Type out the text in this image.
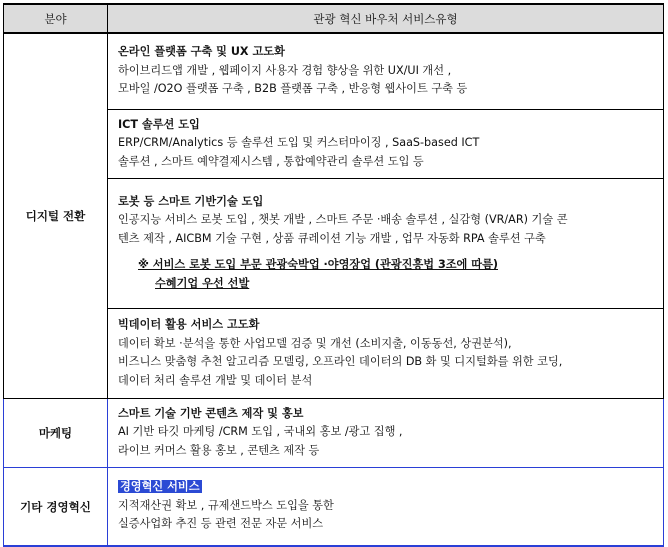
분야	관광 혁신 바우처 서비스유형
디지털 전환	온라인 플랫폼 구축 및 UX 고도화
하이브리드앱 개발 , 웹페이지 사용자 경험 향상을 위한 UX/UI 개선 ,
모바일 /O2O 플랫폼 구축 , B2B 플랫폼 구축 , 반응형 웹사이트 구축 등

	ICT 솔루션 도입
ERP/CRM/Analytics 등 솔루션 도입 및 커스터마이징 , SaaS-based ICT
솔루션 , 스마트 예약결제시스템 , 통합예약관리 솔루션 도입 등

	로봇 등 스마트 기반기술 도입
인공지능 서비스 로봇 도입 , 챗봇 개발 , 스마트 주문 ·배송 솔루션 , 실감형 (VR/AR) 기술 콘
텐츠 제작 , AICBM 기술 구현 , 상품 큐레이션 기능 개발 , 업무 자동화 RPA 솔루션 구축
※ 서비스 로봇 도입 부문 관광숙박업 ·야영장업 (관광진흥법 3조에 따름)
수혜기업 우선 선발

	빅데이터 활용 서비스 고도화
데이터 확보 ·분석을 통한 사업모델 검증 및 개선 (소비지출, 이동동선, 상권분석),
비즈니스 맞춤형 추천 알고리즘 모델링, 오프라인 데이터의 DB 화 및 디지털화를 위한 코딩,
데이터 처리 솔루션 개발 및 데이터 분석

마케팅	스마트 기술 기반 콘텐츠 제작 및 홍보
AI 기반 타깃 마케팅 /CRM 도입 , 국내외 홍보 /광고 집행 ,
라이브 커머스 활용 홍보 , 콘텐츠 제작 등

기타 경영혁신	경영혁신 서비스
지적재산권 확보 , 규제샌드박스 도입을 통한
실증사업화 추진 등 관련 전문 자문 서비스
